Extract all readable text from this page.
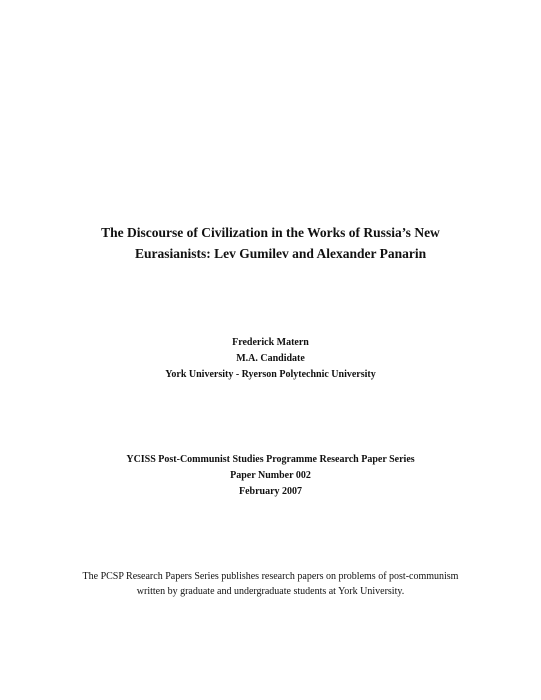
The Discourse of Civilization in the Works of Russia’s New
Eurasianists: Lev Gumilev and Alexander Panarin
Frederick Matern
M.A. Candidate
York University - Ryerson Polytechnic University
YCISS Post-Communist Studies Programme Research Paper Series
Paper Number 002
February 2007
The PCSP Research Papers Series publishes research papers on problems of post-communism
written by graduate and undergraduate students at York University.
